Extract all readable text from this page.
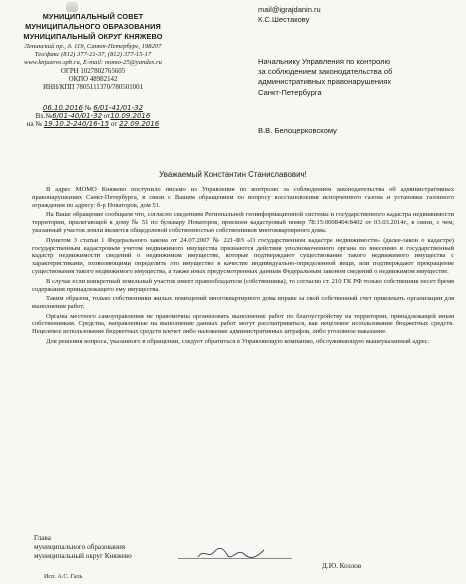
МУНИЦИПАЛЬНЫЙ СОВЕТ
МУНИЦИПАЛЬНОГО ОБРАЗОВАНИЯ
МУНИЦИПАЛЬНЫЙ ОКРУГ КНЯЖЕВО
Ленинский пр., д. 119, Санкт-Петербург, 198207
Тел/факс (812) 377-21-37, (812) 377-15-17
www.knjazevo.spb.ru, E-mail: momo-25@yandex.ru
ОГРН 1027802765605
ОКПО 48982142
ИНН/КПП 7805111370/780501001
06.10.2016 № 6/01-41/01-32
Вх.№6/01-40/01-32 от10.09.2016
на № 19.10.2-240/16-15 от 22.09.2016
mail@igrajdanin.ru
К.С.Шестакову
Начальнику Управления по контролю
за соблюдением законодательства об
административных правонарушениях
Санкт-Петербурга
В.В. Белоцерковскому
Уважаемый Константин Станиславович!

В адрес МОМО Княжево поступило письмо из Управления по контролю за соблюдением законодательства об административных правонарушениях Санкт-Петербурга, в связи с Вашим обращением по вопросу восстановления испорченного газона и установки газонного ограждения по адресу: б-р Новаторов, дом 51.

На Ваше обращение сообщаем что, согласно сведениям Региональной геоинформационной системы и государственного кадастра недвижимости территории, прилегающей к дому № 51 по бульвару Новаторов, присвоен кадастровый номер 78:15:0008404:8402 от 03.03.2014г., в связи, с чем, указанный участок земли является общедолевой собственностью собственников многоквартирного дома.

Пунктом 3 статьи 1 Федерального закона от 24.07.2007 № 221-ФЗ «О государственном кадастре недвижимости» (далее-закон о кадастре) государственным кадастровым учетом недвижимого имущества признаются действия уполномоченного органа по внесению в государственный кадастр недвижимости сведений о недвижимом имуществе, которые подтверждают существование такого недвижимого имущества с характеристиками, позволяющими определить это имущество в качестве индивидуально-определенной вещи, или подтверждают прекращение существования такого недвижимого имущества, а также иных предусмотренных данным Федеральным законом сведений о недвижимом имуществе.

В случае если конкретный земельный участок имеет правообладателя (собственника), то согласно ст. 210 ГК РФ только собственник несет бремя содержания принадлежащего ему имущества.

Таким образом, только собственники жилых помещений многоквартирного дома вправе за свой собственный счет привлекать организации для выполнения работ.

Органы местного самоуправления не правомочны организовать выполнение работ по благоустройству на территории, принадлежащей иным собственникам. Средства, направленные на выполнение данных работ могут рассматриваться, как нецелевое использование бюджетных средств. Нецелевое использование бюджетных средств влечет либо наложение административных штрафов, либо уголовное наказание.

Для решения вопроса, указанного в обращении, следует обратиться в Управляющую компанию, обслуживающую вышеуказанный адрес.

Глава
муниципального образования
муниципальный округ Княжево
Д.Ю. Козлов
Исп. А.С. Галь
